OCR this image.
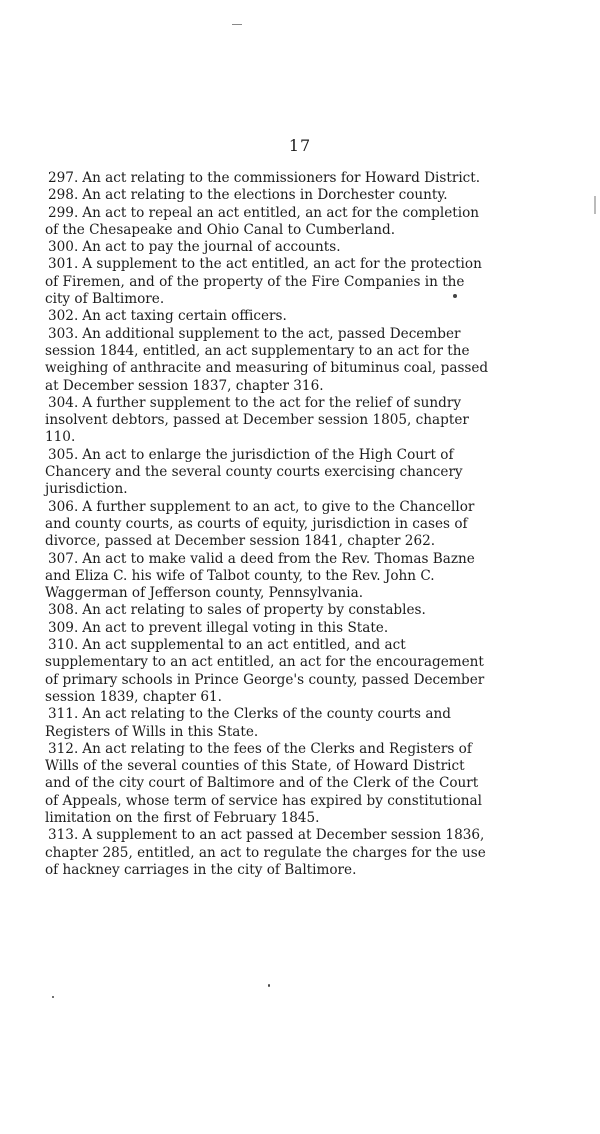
17

297. An act relating to the commissioners for Howard District.

298. An act relating to the elections in Dorchester county.

299. An act to repeal an act entitled, an act for the completion of the Chesapeake and Ohio Canal to Cumberland.

300. An act to pay the journal of accounts.

301. A supplement to the act entitled, an act for the protection of Firemen, and of the property of the Fire Companies in the city of Baltimore.

302. An act taxing certain officers.

303. An additional supplement to the act, passed December session 1844, entitled, an act supplementary to an act for the weighing of anthracite and measuring of bituminus coal, passed at December session 1837, chapter 316.

304. A further supplement to the act for the relief of sundry insolvent debtors, passed at December session 1805, chapter 110.

305. An act to enlarge the jurisdiction of the High Court of Chancery and the several county courts exercising chancery jurisdiction.

306. A further supplement to an act, to give to the Chancellor and county courts, as courts of equity, jurisdiction in cases of divorce, passed at December session 1841, chapter 262.

307. An act to make valid a deed from the Rev. Thomas Bazne and Eliza C. his wife of Talbot county, to the Rev. John C. Waggerman of Jefferson county, Pennsylvania.

308. An act relating to sales of property by constables.

309. An act to prevent illegal voting in this State.

310. An act supplemental to an act entitled, and act supplementary to an act entitled, an act for the encouragement of primary schools in Prince George's county, passed December session 1839, chapter 61.

311. An act relating to the Clerks of the county courts and Registers of Wills in this State.

312. An act relating to the fees of the Clerks and Registers of Wills of the several counties of this State, of Howard District and of the city court of Baltimore and of the Clerk of the Court of Appeals, whose term of service has expired by constitutional limitation on the first of February 1845.

313. A supplement to an act passed at December session 1836, chapter 285, entitled, an act to regulate the charges for the use of hackney carriages in the city of Baltimore.
